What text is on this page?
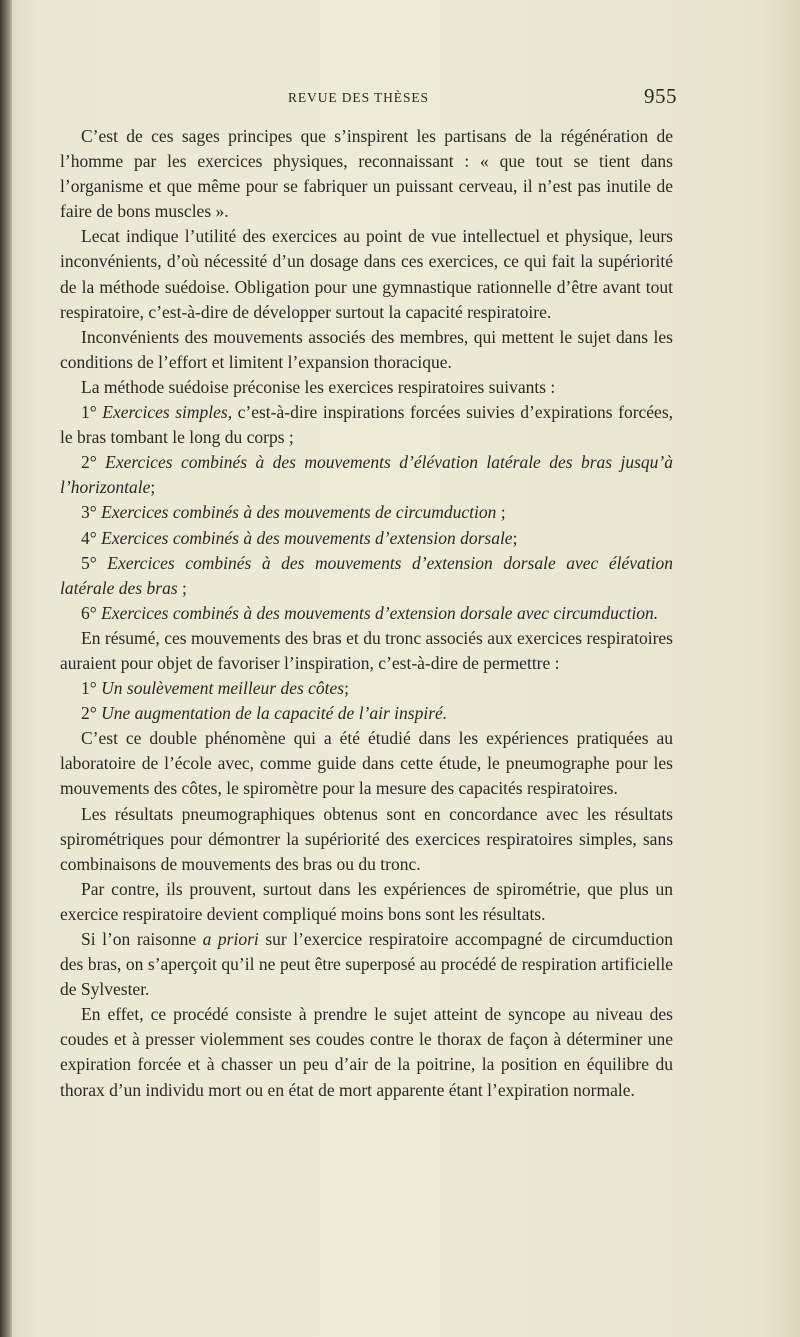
REVUE DES THÈSES	955

C’est de ces sages principes que s’inspirent les partisans de la régénération de l’homme par les exercices physiques, reconnaissant : « que tout se tient dans l’organisme et que même pour se fabriquer un puissant cerveau, il n’est pas inutile de faire de bons muscles ».

Lecat indique l’utilité des exercices au point de vue intellectuel et physique, leurs inconvénients, d’où nécessité d’un dosage dans ces exercices, ce qui fait la supériorité de la méthode suédoise. Obligation pour une gymnastique rationnelle d’être avant tout respiratoire, c’est-à-dire de développer surtout la capacité respiratoire.

Inconvénients des mouvements associés des membres, qui mettent le sujet dans les conditions de l’effort et limitent l’expansion thoracique.

La méthode suédoise préconise les exercices respiratoires suivants :

1° Exercices simples, c’est-à-dire inspirations forcées suivies d’expirations forcées, le bras tombant le long du corps ;

2° Exercices combinés à des mouvements d’élévation latérale des bras jusqu’à l’horizontale;

3° Exercices combinés à des mouvements de circumduction ;

4° Exercices combinés à des mouvements d’extension dorsale;

5° Exercices combinés à des mouvements d’extension dorsale avec élévation latérale des bras ;

6° Exercices combinés à des mouvements d’extension dorsale avec circumduction.

En résumé, ces mouvements des bras et du tronc associés aux exercices respiratoires auraient pour objet de favoriser l’inspiration, c’est-à-dire de permettre :

1° Un soulèvement meilleur des côtes;

2° Une augmentation de la capacité de l’air inspiré.

C’est ce double phénomène qui a été étudié dans les expériences pratiquées au laboratoire de l’école avec, comme guide dans cette étude, le pneumographe pour les mouvements des côtes, le spiromètre pour la mesure des capacités respiratoires.

Les résultats pneumographiques obtenus sont en concordance avec les résultats spirométriques pour démontrer la supériorité des exercices respiratoires simples, sans combinaisons de mouvements des bras ou du tronc.

Par contre, ils prouvent, surtout dans les expériences de spirométrie, que plus un exercice respiratoire devient compliqué moins bons sont les résultats.

Si l’on raisonne a priori sur l’exercice respiratoire accompagné de circumduction des bras, on s’aperçoit qu’il ne peut être superposé au procédé de respiration artificielle de Sylvester.

En effet, ce procédé consiste à prendre le sujet atteint de syncope au niveau des coudes et à presser violemment ses coudes contre le thorax de façon à déterminer une expiration forcée et à chasser un peu d’air de la poitrine, la position en équilibre du thorax d’un individu mort ou en état de mort apparente étant l’expiration normale.
